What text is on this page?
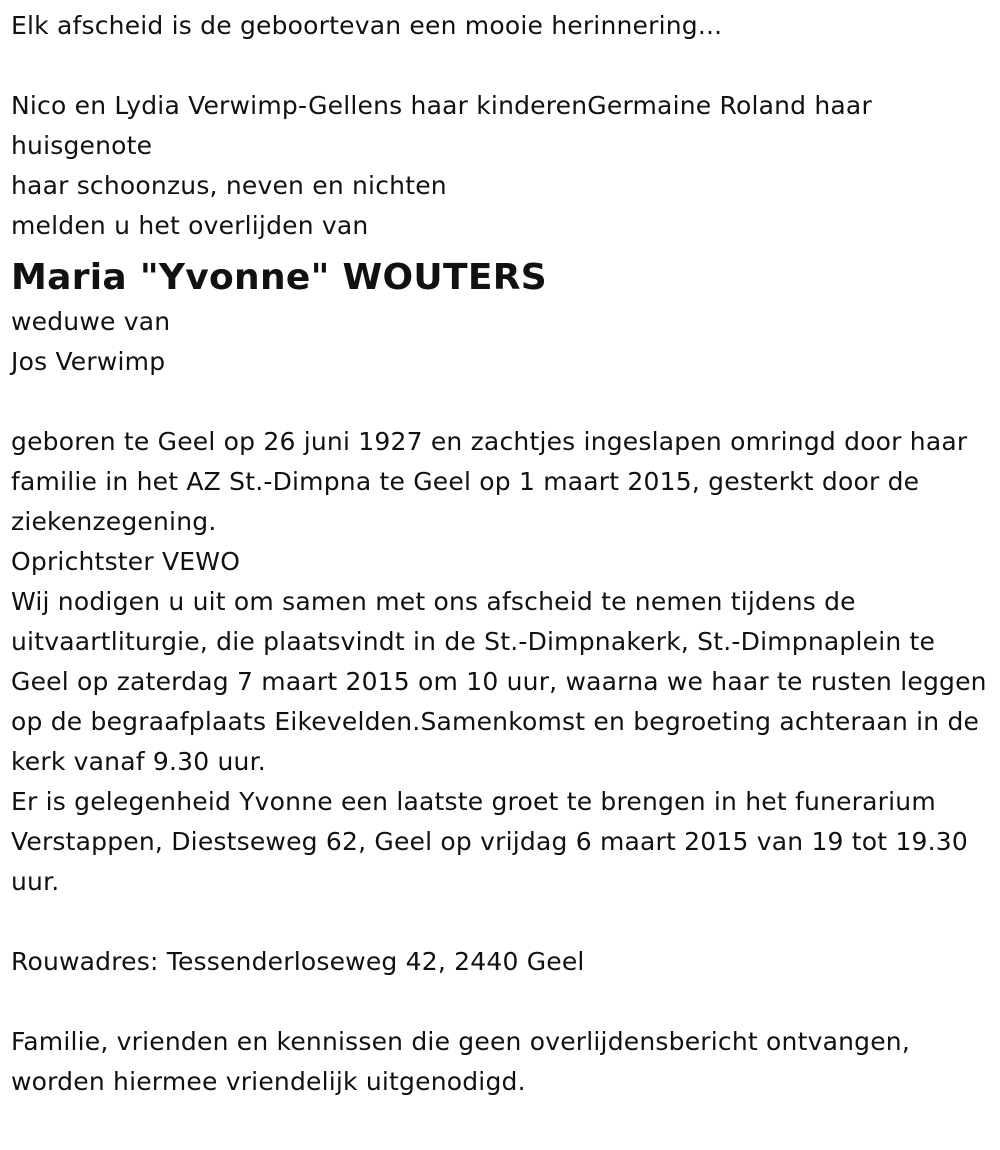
Elk afscheid is de geboortevan een mooie herinnering...
Nico en Lydia Verwimp-Gellens haar kinderenGermaine Roland haar
huisgenote
haar schoonzus, neven en nichten
melden u het overlijden van
Maria "Yvonne" WOUTERS
weduwe van
Jos Verwimp
geboren te Geel op 26 juni 1927 en zachtjes ingeslapen omringd door haar familie in het AZ St.-Dimpna te Geel op 1 maart 2015, gesterkt door de ziekenzegening.
Oprichtster VEWO
Wij nodigen u uit om samen met ons afscheid te nemen tijdens de uitvaartliturgie, die plaatsvindt in de St.-Dimpnakerk, St.-Dimpnaplein te Geel op zaterdag 7 maart 2015 om 10 uur, waarna we haar te rusten leggen op de begraafplaats Eikevelden.Samenkomst en begroeting achteraan in de kerk vanaf 9.30 uur.
Er is gelegenheid Yvonne een laatste groet te brengen in het funerarium Verstappen, Diestseweg 62, Geel op vrijdag 6 maart 2015 van 19 tot 19.30 uur.
Rouwadres: Tessenderloseweg 42, 2440 Geel
Familie, vrienden en kennissen die geen overlijdensbericht ontvangen, worden hiermee vriendelijk uitgenodigd.
